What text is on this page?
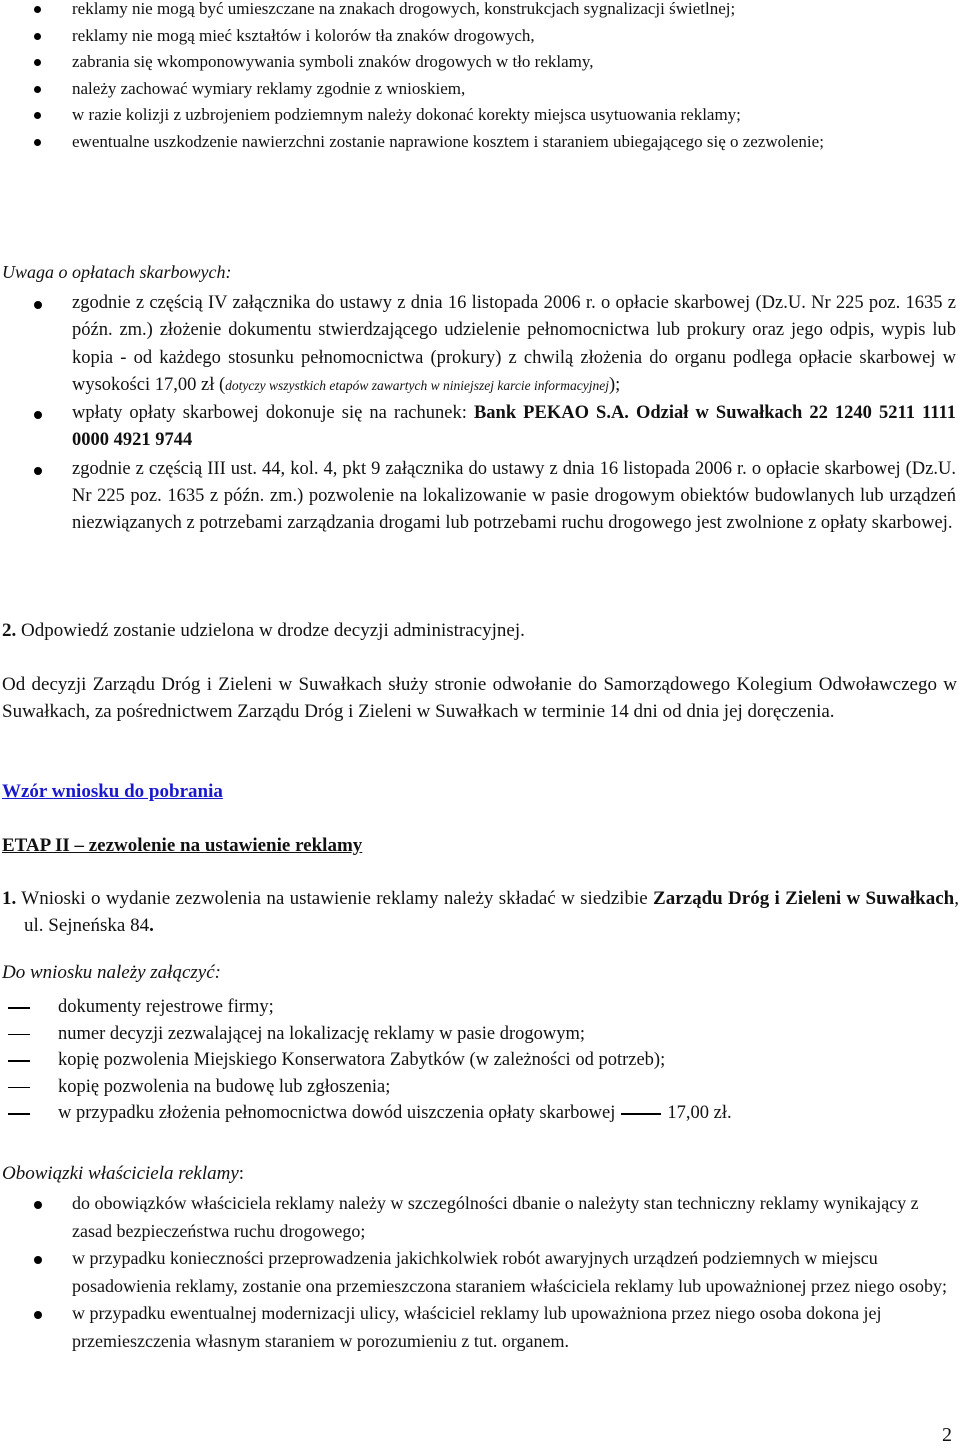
reklamy nie mogą być umieszczane na znakach drogowych, konstrukcjach sygnalizacji świetlnej;
reklamy nie mogą mieć kształtów i kolorów tła znaków drogowych,
zabrania się wkomponowywania symboli znaków drogowych w tło reklamy,
należy zachować wymiary reklamy zgodnie z wnioskiem,
w razie kolizji z uzbrojeniem podziemnym należy dokonać korekty miejsca usytuowania reklamy;
ewentualne uszkodzenie nawierzchni zostanie naprawione kosztem i staraniem ubiegającego się o zezwolenie;
Uwaga o opłatach skarbowych:
zgodnie z częścią IV załącznika do ustawy z dnia 16 listopada 2006 r. o opłacie skarbowej (Dz.U. Nr 225 poz. 1635 z późn. zm.) złożenie dokumentu stwierdzającego udzielenie pełnomocnictwa lub prokury oraz jego odpis, wypis lub kopia - od każdego stosunku pełnomocnictwa (prokury) z chwilą złożenia do organu podlega opłacie skarbowej w wysokości 17,00 zł (dotyczy wszystkich etapów zawartych w niniejszej karcie informacyjnej);
wpłaty opłaty skarbowej dokonuje się na rachunek: Bank PEKAO S.A. Odział w Suwałkach 22 1240 5211 1111 0000 4921 9744
zgodnie z częścią III ust. 44, kol. 4, pkt 9 załącznika do ustawy z dnia 16 listopada 2006 r. o opłacie skarbowej (Dz.U. Nr 225 poz. 1635 z późn. zm.) pozwolenie na lokalizowanie w pasie drogowym obiektów budowlanych lub urządzeń niezwiązanych z potrzebami zarządzania drogami lub potrzebami ruchu drogowego jest zwolnione z opłaty skarbowej.
2. Odpowiedź zostanie udzielona w drodze decyzji administracyjnej.
Od decyzji Zarządu Dróg i Zieleni w Suwałkach służy stronie odwołanie do Samorządowego Kolegium Odwoławczego w Suwałkach, za pośrednictwem Zarządu Dróg i Zieleni w Suwałkach w terminie 14 dni od dnia jej doręczenia.
Wzór wniosku do pobrania
ETAP II – zezwolenie na ustawienie reklamy
1. Wnioski o wydanie zezwolenia na ustawienie reklamy należy składać w siedzibie Zarządu Dróg i Zieleni w Suwałkach, ul. Sejneńska 84.
Do wniosku należy załączyć:
dokumenty rejestrowe firmy;
numer decyzji zezwalającej na lokalizację reklamy w pasie drogowym;
kopię pozwolenia Miejskiego Konserwatora Zabytków (w zależności od potrzeb);
kopię pozwolenia na budowę lub zgłoszenia;
w przypadku złożenia pełnomocnictwa dowód uiszczenia opłaty skarbowej	17,00 zł.
Obowiązki właściciela reklamy:
do obowiązków właściciela reklamy należy w szczególności dbanie o należyty stan techniczny reklamy wynikający z zasad bezpieczeństwa ruchu drogowego;
w przypadku konieczności przeprowadzenia jakichkolwiek robót awaryjnych urządzeń podziemnych w miejscu posadowienia reklamy, zostanie ona przemieszczona staraniem właściciela reklamy lub upoważnionej przez niego osoby;
w przypadku ewentualnej modernizacji ulicy, właściciel reklamy lub upoważniona przez niego osoba dokona jej przemieszczenia własnym staraniem w porozumieniu z tut. organem.
2
